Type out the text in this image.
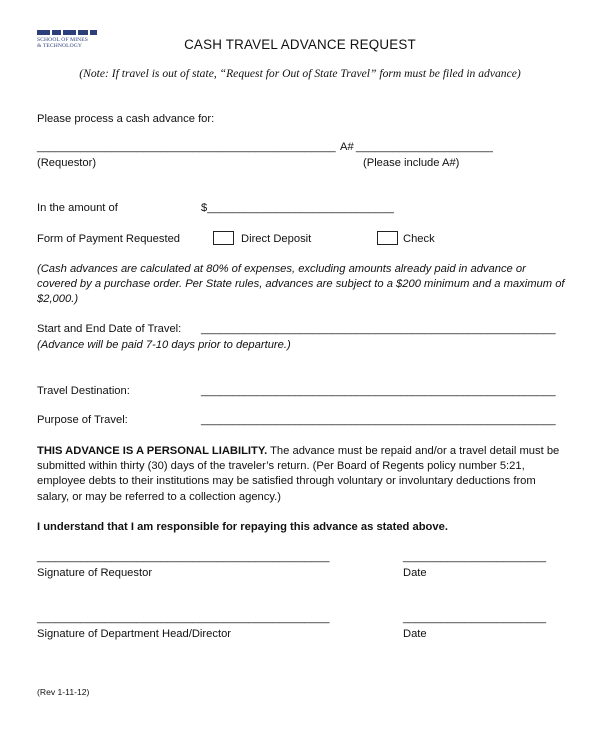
SCHOOL OF MINES
& TECHNOLOGY	CASH TRAVEL ADVANCE REQUEST
(Note: If travel is out of state, “Request for Out of State Travel” form must be filed in advance)
Please process a cash advance for:
________________________________________________ A# ______________________
(Requestor)	(Please include A#)
In the amount of	$______________________________
Form of Payment Requested	Direct Deposit	Check
(Cash advances are calculated at 80% of expenses, excluding amounts already paid in advance or covered by a purchase order. Per State rules, advances are subject to a $200 minimum and a maximum of $2,000.)
Start and End Date of Travel: _________________________________________________________
(Advance will be paid 7-10 days prior to departure.)
Travel Destination:	_________________________________________________________
Purpose of Travel:	_________________________________________________________
THIS ADVANCE IS A PERSONAL LIABILITY. The advance must be repaid and/or a travel detail must be submitted within thirty (30) days of the traveler’s return. (Per Board of Regents policy number 5:21, employee debts to their institutions may be satisfied through voluntary or involuntary deductions from salary, or may be referred to a collection agency.)
I understand that I am responsible for repaying this advance as stated above.
_______________________________________________	_______________________
Signature of Requestor	Date
_______________________________________________	_______________________
Signature of Department Head/Director	Date
(Rev 1-11-12)
